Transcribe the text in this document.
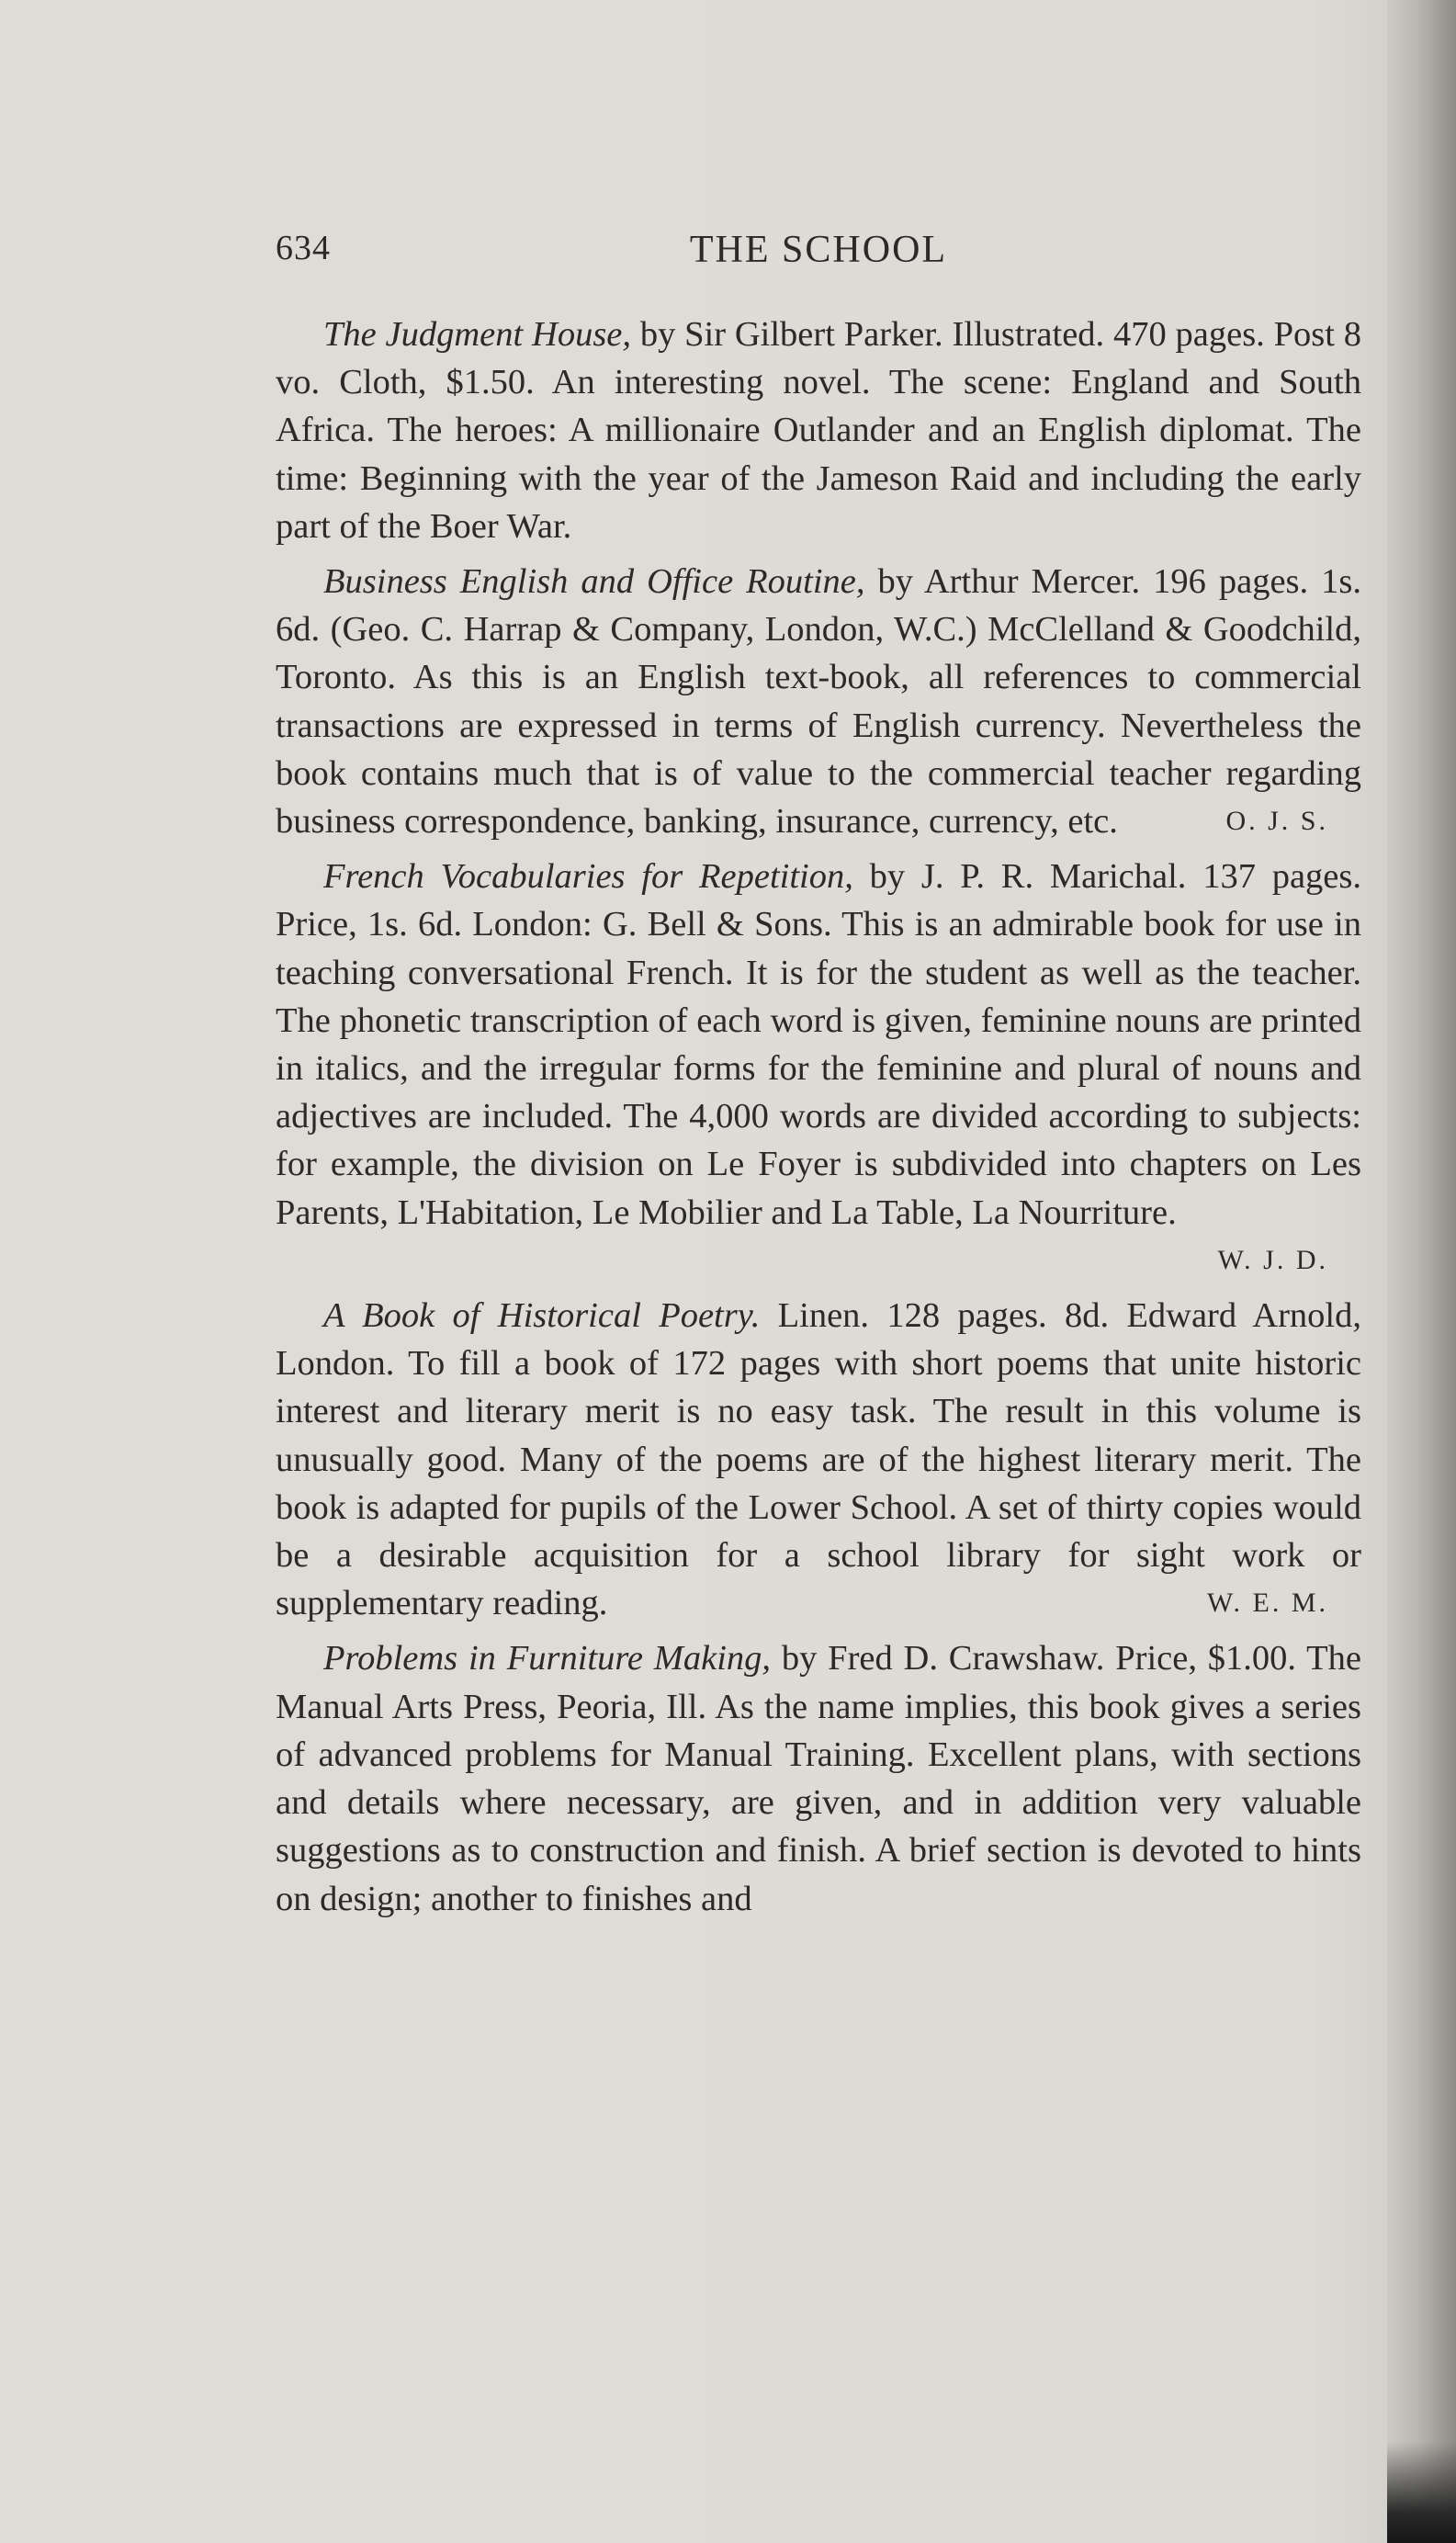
634	THE SCHOOL

The Judgment House, by Sir Gilbert Parker. Illustrated. 470 pages. Post 8 vo. Cloth, $1.50. An interesting novel. The scene: England and South Africa. The heroes: A millionaire Outlander and an English diplomat. The time: Beginning with the year of the Jameson Raid and including the early part of the Boer War.

Business English and Office Routine, by Arthur Mercer. 196 pages. 1s. 6d. (Geo. C. Harrap & Company, London, W.C.) McClelland & Goodchild, Toronto. As this is an English text-book, all references to commercial transactions are expressed in terms of English currency. Nevertheless the book contains much that is of value to the commercial teacher regarding business correspondence, banking, insurance, currency, etc.	O. J. S.

French Vocabularies for Repetition, by J. P. R. Marichal. 137 pages. Price, 1s. 6d. London: G. Bell & Sons. This is an admirable book for use in teaching conversational French. It is for the student as well as the teacher. The phonetic transcription of each word is given, feminine nouns are printed in italics, and the irregular forms for the feminine and plural of nouns and adjectives are included. The 4,000 words are divided according to subjects: for example, the division on Le Foyer is subdivided into chapters on Les Parents, L'Habitation, Le Mobilier and La Table, La Nourriture.
W. J. D.

A Book of Historical Poetry. Linen. 128 pages. 8d. Edward Arnold, London. To fill a book of 172 pages with short poems that unite historic interest and literary merit is no easy task. The result in this volume is unusually good. Many of the poems are of the highest literary merit. The book is adapted for pupils of the Lower School. A set of thirty copies would be a desirable acquisition for a school library for sight work or supplementary reading.	W. E. M.

Problems in Furniture Making, by Fred D. Crawshaw. Price, $1.00. The Manual Arts Press, Peoria, Ill. As the name implies, this book gives a series of advanced problems for Manual Training. Excellent plans, with sections and details where necessary, are given, and in addition very valuable suggestions as to construction and finish. A brief section is devoted to hints on design; another to finishes and
